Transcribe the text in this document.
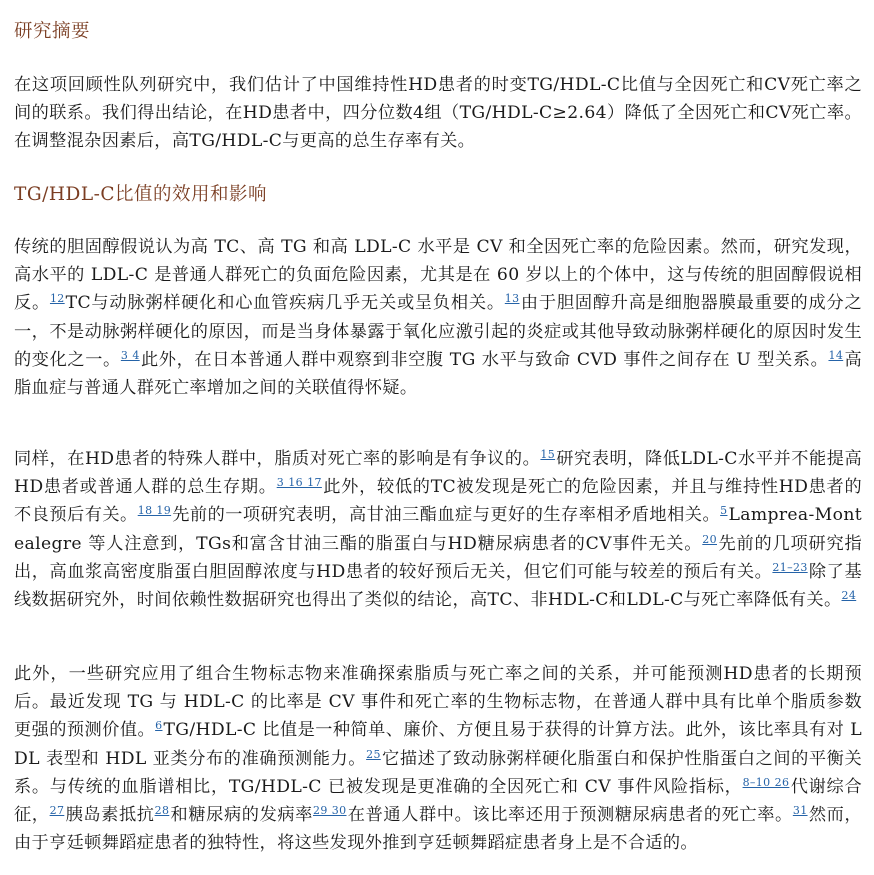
研究摘要

在这项回顾性队列研究中，我们估计了中国维持性HD患者的时变TG/HDL-C比值与全因死亡和CV死亡率之间的联系。我们得出结论，在HD患者中，四分位数4组（TG/HDL-C≥2.64）降低了全因死亡和CV死亡率。在调整混杂因素后，高TG/HDL-C与更高的总生存率有关。

TG/HDL-C比值的效用和影响

传统的胆固醇假说认为高 TC、高 TG 和高 LDL-C 水平是 CV 和全因死亡率的危险因素。然而，研究发现，高水平的 LDL-C 是普通人群死亡的负面危险因素，尤其是在 60 岁以上的个体中，这与传统的胆固醇假说相反。$^{12}$TC与动脉粥样硬化和心血管疾病几乎无关或呈负相关。$^{13}$由于胆固醇升高是细胞器膜最重要的成分之一，不是动脉粥样硬化的原因，而是当身体暴露于氧化应激引起的炎症或其他导致动脉粥样硬化的原因时发生的变化之一。$^{3 4}$此外，在日本普通人群中观察到非空腹 TG 水平与致命 CVD 事件之间存在 U 型关系。$^{14}$高脂血症与普通人群死亡率增加之间的关联值得怀疑。

同样，在HD患者的特殊人群中，脂质对死亡率的影响是有争议的。$^{15}$研究表明，降低LDL-C水平并不能提高HD患者或普通人群的总生存期。$^{3 16 17}$此外，较低的TC被发现是死亡的危险因素，并且与维持性HD患者的不良预后有关。$^{18 19}$先前的一项研究表明，高甘油三酯血症与更好的生存率相矛盾地相关。$^5$Lamprea-Montealegre 等人注意到，TGs和富含甘油三酯的脂蛋白与HD糖尿病患者的CV事件无关。$^{20}$先前的几项研究指出，高血浆高密度脂蛋白胆固醇浓度与HD患者的较好预后无关，但它们可能与较差的预后有关。$^{21-23}$除了基线数据研究外，时间依赖性数据研究也得出了类似的结论，高TC、非HDL-C和LDL-C与死亡率降低有关。$^{24}$

此外，一些研究应用了组合生物标志物来准确探索脂质与死亡率之间的关系，并可能预测HD患者的长期预后。最近发现 TG 与 HDL-C 的比率是 CV 事件和死亡率的生物标志物，在普通人群中具有比单个脂质参数更强的预测价值。$^6$TG/HDL-C 比值是一种简单、廉价、方便且易于获得的计算方法。此外，该比率具有对 LDL 表型和 HDL 亚类分布的准确预测能力。$^{25}$它描述了致动脉粥样硬化脂蛋白和保护性脂蛋白之间的平衡关系。与传统的血脂谱相比，TG/HDL-C 已被发现是更准确的全因死亡和 CV 事件风险指标，$^{8-10 26}$代谢综合征，$^{27}$胰岛素抵抗$^{28}$和糖尿病的发病率$^{29 30}$在普通人群中。该比率还用于预测糖尿病患者的死亡率。$^{31}$然而，由于亨廷顿舞蹈症患者的独特性，将这些发现外推到亨廷顿舞蹈症患者身上是不合适的。
